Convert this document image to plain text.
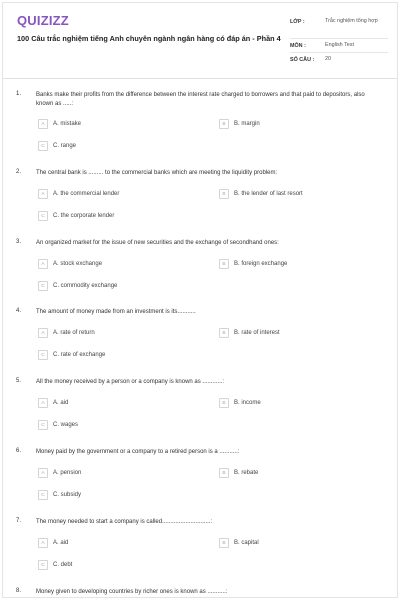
QUIZIZZ
100 Câu trắc nghiệm tiếng Anh chuyên ngành ngân hàng có đáp án - Phần 4
LỚP :	Trắc nghiệm tổng hợp
MÔN :	English Test
SỐ CÂU :	20
1. Banks make their profits from the difference between the interest rate charged to borrowers and that paid to depositors, also known as .....:
A	A. mistake	B	B. margin
C	C. range
2. The central bank is ......... to the commercial banks which are meeting the liquidity problem:
A	A. the commercial lender	B	B. the lender of last resort
C	C. the corporate lender
3. An organized market for the issue of new securities and the exchange of secondhand ones:
A	A. stock exchange	B	B. foreign exchange
C	C. commodity exchange
4. The amount of money made from an investment is its...........
A	A. rate of return	B	B. rate of interest
C	C. rate of exchange
5. All the money received by a person or a company is known as ............:
A	A. aid	B	B. income
C	C. wages
6. Money paid by the government or a company to a retired person is a ...........:
A	A. pension	B	B. rebate
C	C. subsidy
7. The money needed to start a company is called.............................:
A	A. aid	B	B. capital
C	C. debt
8. Money given to developing countries by richer ones is known as ...........:
